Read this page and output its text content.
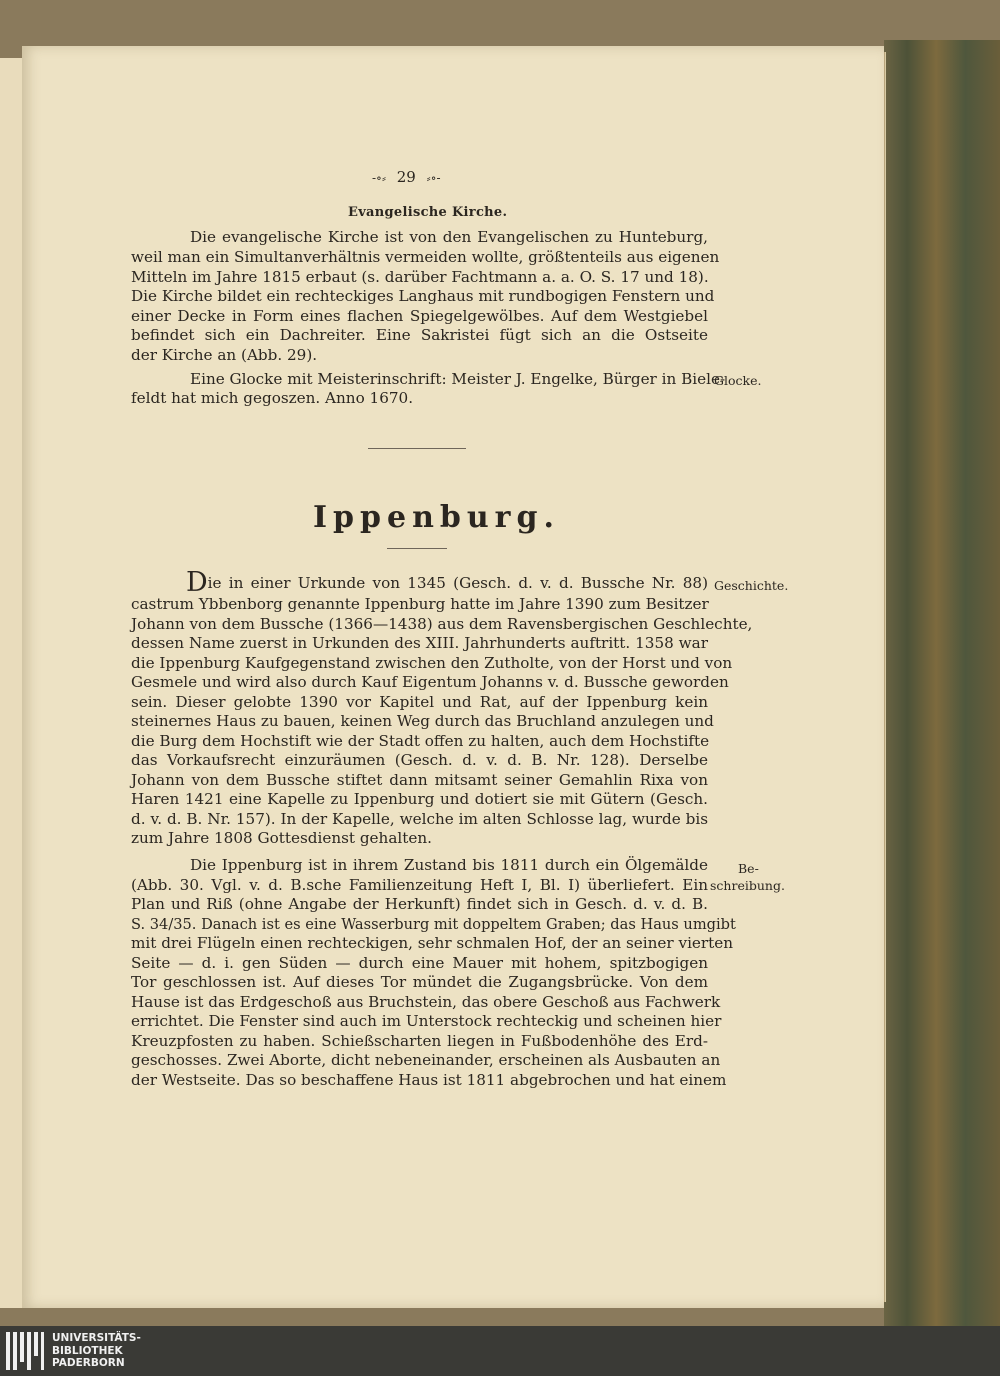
-∘⸗ 29 ⸗∘-
Evangelische Kirche.
Die evangelische Kirche ist von den Evangelischen zu Hunteburg,
weil man ein Simultanverhältnis vermeiden wollte, größtenteils aus eigenen
Mitteln im Jahre 1815 erbaut (s. darüber Fachtmann a. a. O. S. 17 und 18).
Die Kirche bildet ein rechteckiges Langhaus mit rundbogigen Fenstern und
einer Decke in Form eines flachen Spiegelgewölbes. Auf dem Westgiebel
befindet sich ein Dachreiter. Eine Sakristei fügt sich an die Ostseite
der Kirche an (Abb. 29).
Eine Glocke mit Meisterinschrift: Meister J. Engelke, Bürger in Biele-
feldt hat mich gegoszen. Anno 1670.
Glocke.
Ippenburg.
D ie in einer Urkunde von 1345 (Gesch. d. v. d. Bussche Nr. 88) Geschichte.
castrum Ybbenborg genannte Ippenburg hatte im Jahre 1390 zum Besitzer
Johann von dem Bussche (1366—1438) aus dem Ravensbergischen Geschlechte,
dessen Name zuerst in Urkunden des XIII. Jahrhunderts auftritt. 1358 war
die Ippenburg Kaufgegenstand zwischen den Zutholte, von der Horst und von
Gesmele und wird also durch Kauf Eigentum Johanns v. d. Bussche geworden
sein. Dieser gelobte 1390 vor Kapitel und Rat, auf der Ippenburg kein
steinernes Haus zu bauen, keinen Weg durch das Bruchland anzulegen und
die Burg dem Hochstift wie der Stadt offen zu halten, auch dem Hochstifte
das Vorkaufsrecht einzuräumen (Gesch. d. v. d. B. Nr. 128). Derselbe
Johann von dem Bussche stiftet dann mitsamt seiner Gemahlin Rixa von
Haren 1421 eine Kapelle zu Ippenburg und dotiert sie mit Gütern (Gesch.
d. v. d. B. Nr. 157). In der Kapelle, welche im alten Schlosse lag, wurde bis
zum Jahre 1808 Gottesdienst gehalten.
Die Ippenburg ist in ihrem Zustand bis 1811 durch ein Ölgemälde Be-
schreibung.
(Abb. 30. Vgl. v. d. B.sche Familienzeitung Heft I, Bl. I) überliefert. Ein
Plan und Riß (ohne Angabe der Herkunft) findet sich in Gesch. d. v. d. B.
S. 34/35. Danach ist es eine Wasserburg mit doppeltem Graben; das Haus umgibt
mit drei Flügeln einen rechteckigen, sehr schmalen Hof, der an seiner vierten
Seite — d. i. gen Süden — durch eine Mauer mit hohem, spitzbogigen
Tor geschlossen ist. Auf dieses Tor mündet die Zugangsbrücke. Von dem
Hause ist das Erdgeschoß aus Bruchstein, das obere Geschoß aus Fachwerk
errichtet. Die Fenster sind auch im Unterstock rechteckig und scheinen hier
Kreuzpfosten zu haben. Schießscharten liegen in Fußbodenhöhe des Erd-
geschosses. Zwei Aborte, dicht nebeneinander, erscheinen als Ausbauten an
der Westseite. Das so beschaffene Haus ist 1811 abgebrochen und hat einem
UNIVERSITÄTS-
BIBLIOTHEK
PADERBORN
